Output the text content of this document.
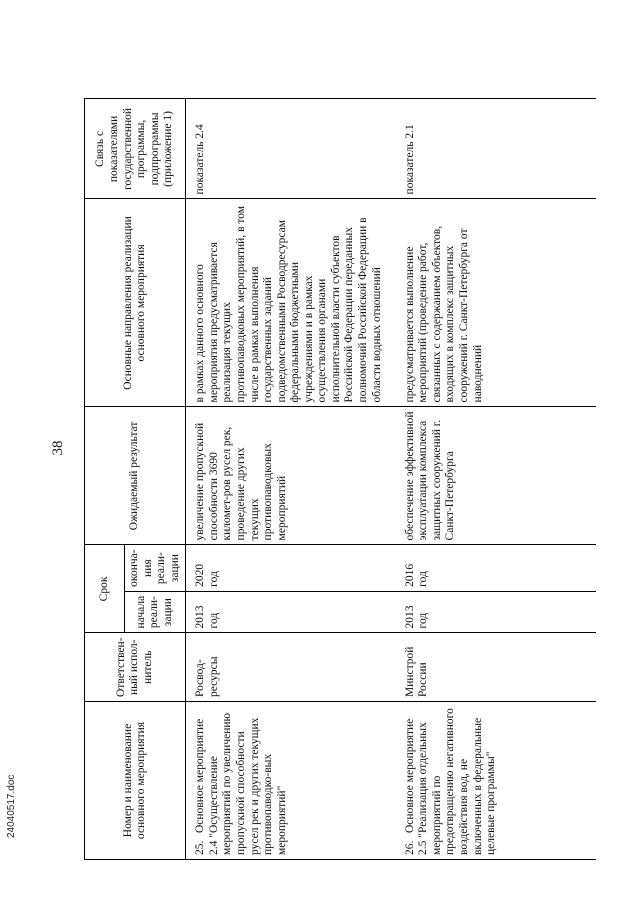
38
Номер и наименование основного мероприятия	Ответствен-ный испол-нитель	Срок		Ожидаемый результат	Основные направления реализации основного мероприятия	Связь с показателями государственной программы, подпрограммы (приложение 1)
		начала реали-зации	оконча-ния реали-зации			
25.Основное мероприятие 2.4 "Осуществление мероприятий по увеличению пропускной способности русел рек и других текущих противопаводко-вых мероприятий"	Росвод-ресурсы	2013 год	2020 год	увеличение пропускной способности 3690 километ-ров русел рек, проведение других текущих противопаводковых мероприятий	в рамках данного основного мероприятия предусматривается реализация текущих противопаводковых мероприятий, в том числе в рамках выполнения государственных заданий подведомственными Росводресурсам федеральными бюджетными учреждениями и в рамках осуществления органами исполнительной власти субъектов Российской Федерации переданных полномочий Российской Федерации в области водных отношений	показатель 2.4
26.Основное мероприятие 2.5 "Реализация отдельных мероприятий по предотвращению негативного воздействия вод, не включенных в федеральные целевые программы"	Минстрой России	2013 год	2016 год	обеспечение эффективной эксплуатации комплекса защитных сооружений г. Санкт-Петербурга	предусматривается выполнение мероприятий (проведение работ, связанных с содержанием объектов, входящих в комплекс защитных сооружений г. Санкт-Петербурга от наводнений	показатель 2.1
24040517.doc
